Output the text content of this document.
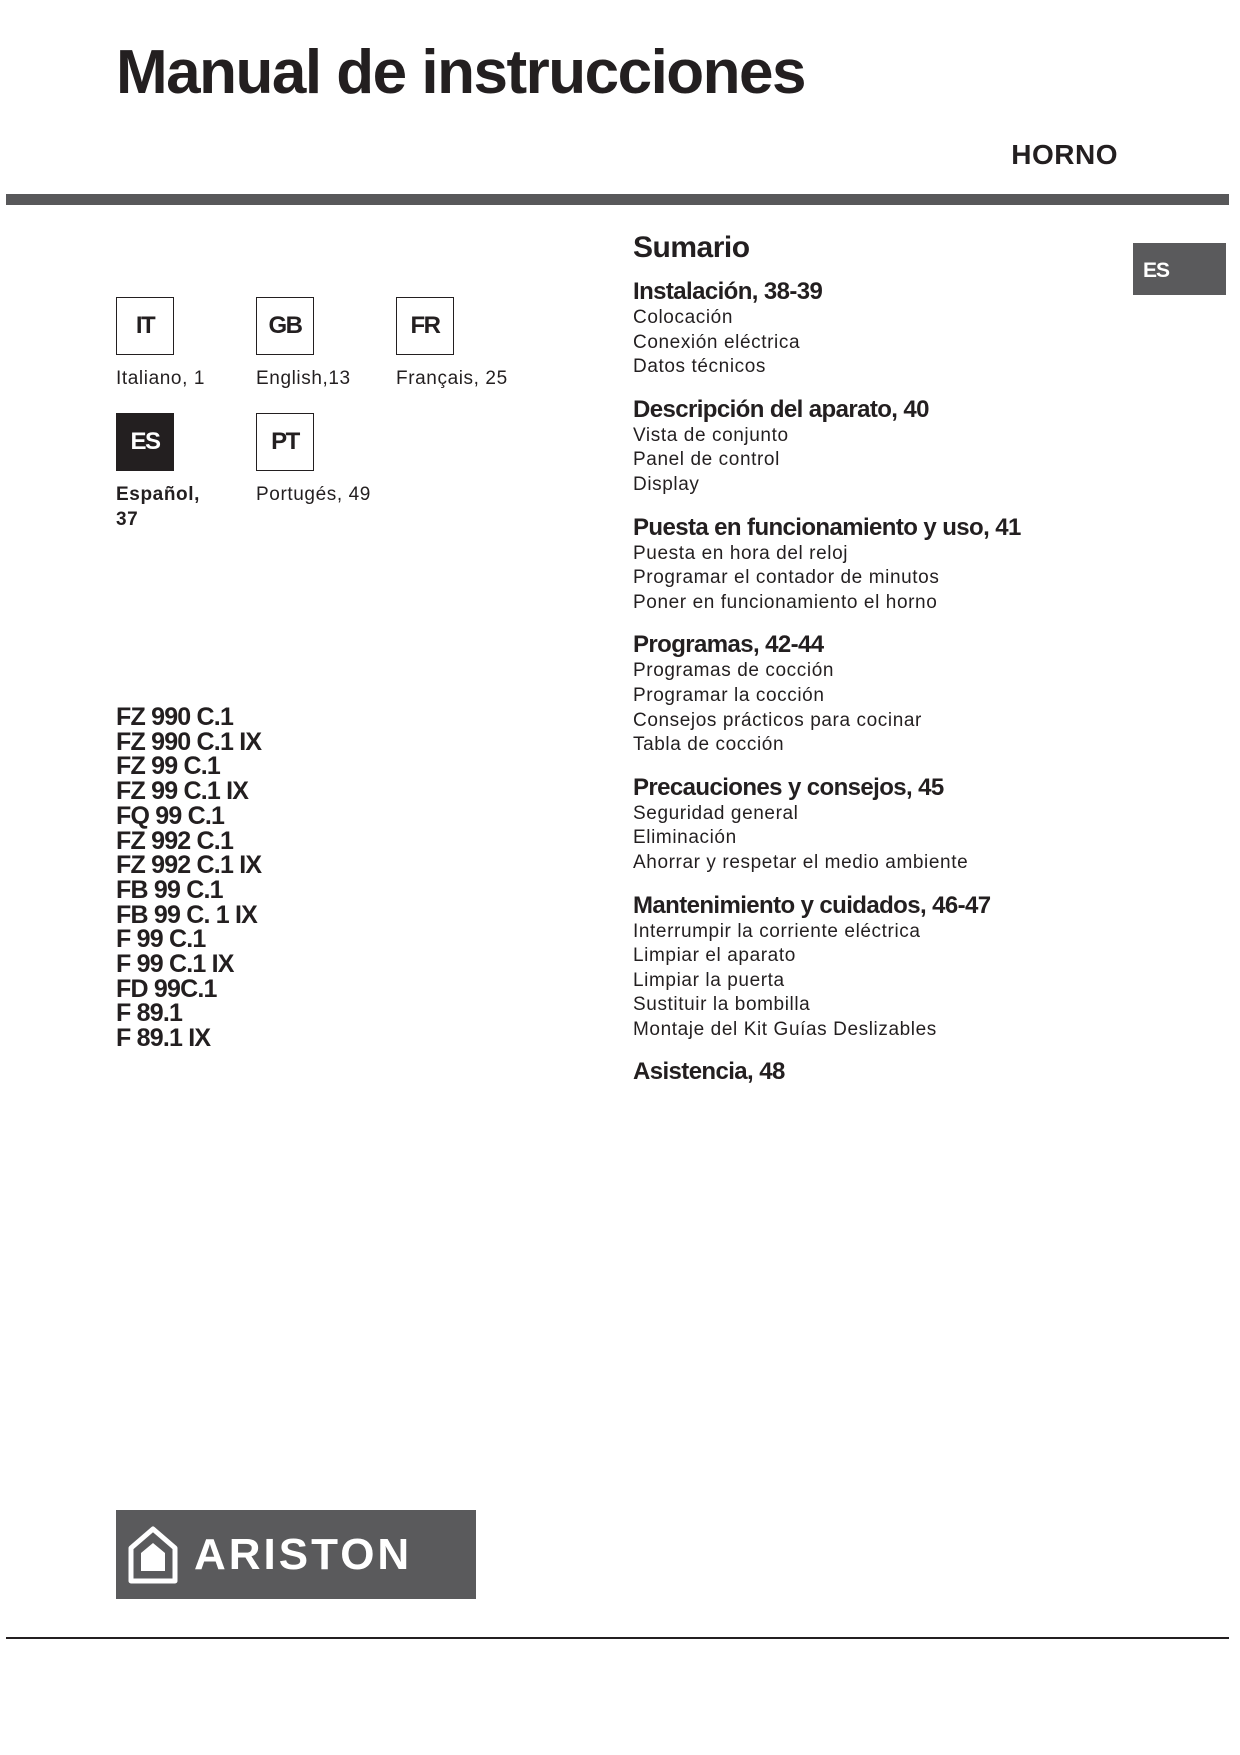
Manual de instrucciones
HORNO
ES
IT
Italiano, 1
GB
English,13
FR
Français, 25
ES
Español,
37
PT
Portugés, 49
FZ 990 C.1
FZ 990 C.1 IX
FZ 99 C.1
FZ 99 C.1 IX
FQ 99 C.1
FZ 992 C.1
FZ 992 C.1 IX
FB 99 C.1
FB 99 C. 1 IX
F 99 C.1
F 99 C.1 IX
FD 99C.1
F 89.1
F 89.1 IX
Sumario
Instalación, 38-39
Colocación
Conexión eléctrica
Datos técnicos
Descripción del aparato, 40
Vista de conjunto
Panel de control
Display
Puesta en funcionamiento y uso, 41
Puesta en hora del reloj
Programar el contador de minutos
Poner en funcionamiento el horno
Programas, 42-44
Programas de cocción
Programar la cocción
Consejos prácticos para cocinar
Tabla de cocción
Precauciones y consejos, 45
Seguridad general
Eliminación
Ahorrar y respetar el medio ambiente
Mantenimiento y cuidados, 46-47
Interrumpir la corriente eléctrica
Limpiar el aparato
Limpiar la puerta
Sustituir la bombilla
Montaje del Kit Guías Deslizables
Asistencia, 48
ARISTON
